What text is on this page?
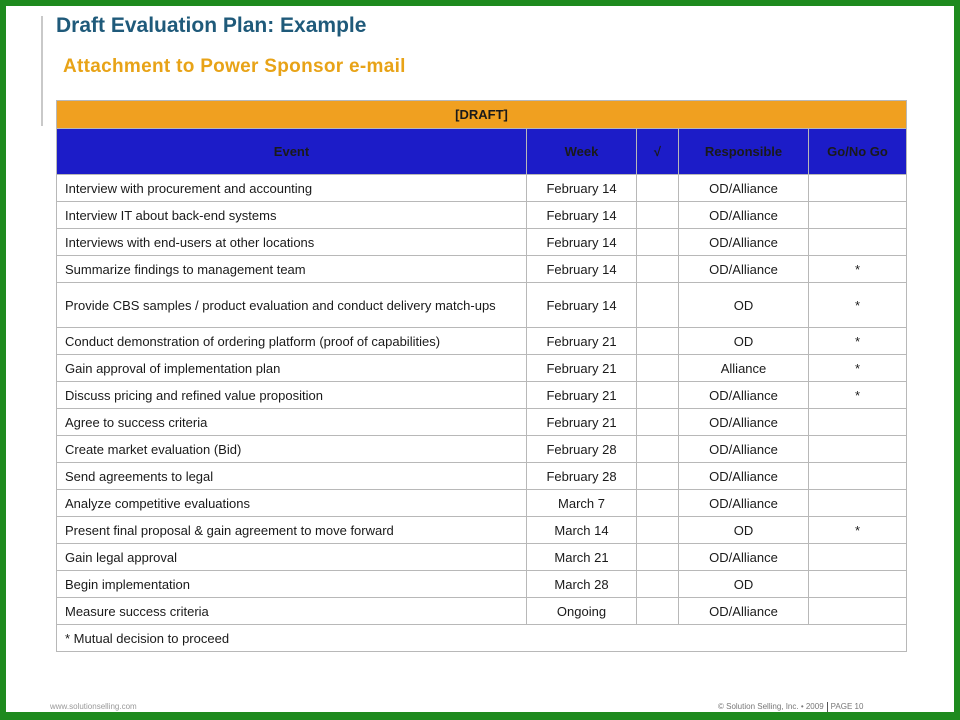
Draft Evaluation Plan: Example
Attachment to Power Sponsor e-mail
[DRAFT]				
Event	Week	√	Responsible	Go/No Go
Interview with procurement and accounting	February 14		OD/Alliance	
Interview IT about back-end systems	February 14		OD/Alliance	
Interviews with end-users at other locations	February 14		OD/Alliance	
Summarize findings to management team	February 14		OD/Alliance	*
Provide CBS samples / product evaluation and conduct delivery match-ups	February 14		OD	*
Conduct demonstration of ordering platform (proof of capabilities)	February 21		OD	*
Gain approval of implementation plan	February 21		Alliance	*
Discuss pricing and refined value proposition	February 21		OD/Alliance	*
Agree to success criteria	February 21		OD/Alliance	
Create market evaluation (Bid)	February 28		OD/Alliance	
Send agreements to legal	February 28		OD/Alliance	
Analyze competitive evaluations	March 7		OD/Alliance	
Present final proposal & gain agreement to move forward	March 14		OD	*
Gain legal approval	March 21		OD/Alliance	
Begin implementation	March 28		OD	
Measure success criteria	Ongoing		OD/Alliance	
* Mutual decision to proceed				
www.solutionselling.com	© Solution Selling, Inc. • 2009 PAGE 10
